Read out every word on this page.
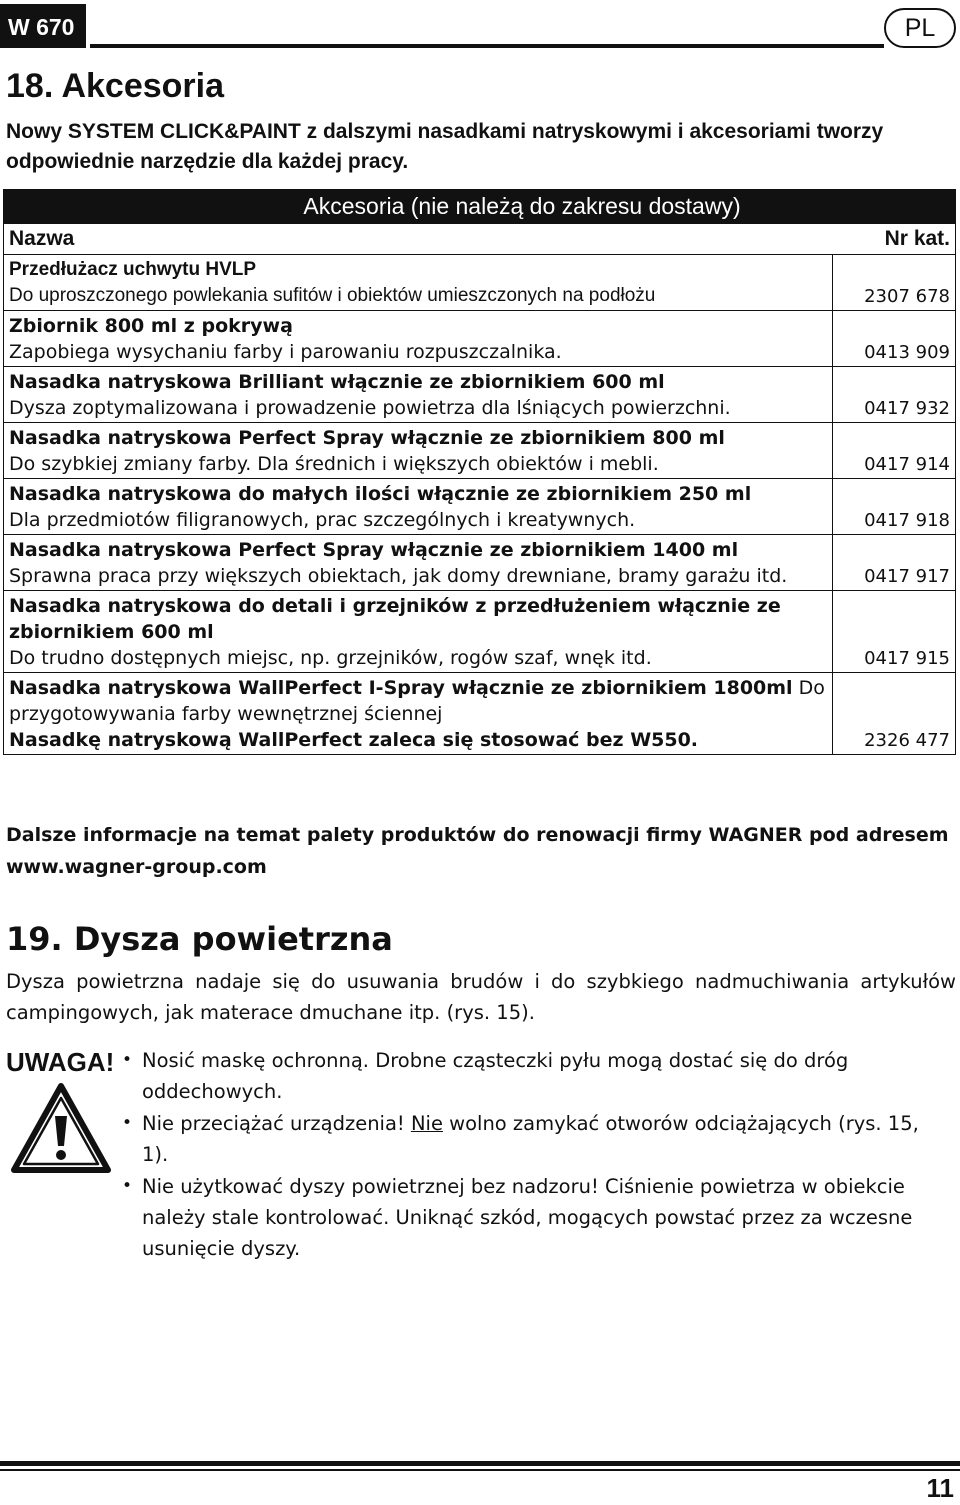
W 670	PL
18. Akcesoria

Nowy SYSTEM CLICK&PAINT z dalszymi nasadkami natryskowymi i akcesoriami tworzy odpowiednie narzędzie dla każdej pracy.

Akcesoria (nie należą do zakresu dostawy)	
Nazwa	Nr kat.
Przedłużacz uchwytu HVLP
Do uproszczonego powlekania sufitów i obiektów umieszczonych na podłożu	2307 678
Zbiornik 800 ml z pokrywą
Zapobiega wysychaniu farby i parowaniu rozpuszczalnika.	0413 909
Nasadka natryskowa Brilliant włącznie ze zbiornikiem 600 ml
Dysza zoptymalizowana i prowadzenie powietrza dla lśniących powierzchni.	0417 932
Nasadka natryskowa Perfect Spray włącznie ze zbiornikiem 800 ml
Do szybkiej zmiany farby. Dla średnich i większych obiektów i mebli.	0417 914
Nasadka natryskowa do małych ilości włącznie ze zbiornikiem 250 ml
Dla przedmiotów filigranowych, prac szczególnych i kreatywnych.	0417 918
Nasadka natryskowa Perfect Spray włącznie ze zbiornikiem 1400 ml
Sprawna praca przy większych obiektach, jak domy drewniane, bramy garażu itd.	0417 917
Nasadka natryskowa do detali i grzejników z przedłużeniem włącznie ze zbiornikiem 600 ml
Do trudno dostępnych miejsc, np. grzejników, rogów szaf, wnęk itd.	0417 915
Nasadka natryskowa WallPerfect I-Spray włącznie ze zbiornikiem 1800ml Do przygotowywania farby wewnętrznej ściennej
Nasadkę natryskową WallPerfect zaleca się stosować bez W550.	2326 477

Dalsze informacje na temat palety produktów do renowacji firmy WAGNER pod adresem www.wagner-group.com

19. Dysza powietrzna

Dysza powietrzna nadaje się do usuwania brudów i do szybkiego nadmuchiwania artykułów campingowych, jak materace dmuchane itp. (rys. 15).

UWAGA! • Nosić maskę ochronną. Drobne cząsteczki pyłu mogą dostać się do dróg oddechowych.
• Nie przeciążać urządzenia! Nie wolno zamykać otworów odciążających (rys. 15, 1).
• Nie użytkować dyszy powietrznej bez nadzoru! Ciśnienie powietrza w obiekcie należy stale kontrolować. Uniknąć szkód, mogących powstać przez za wczesne usunięcie dyszy.
11
